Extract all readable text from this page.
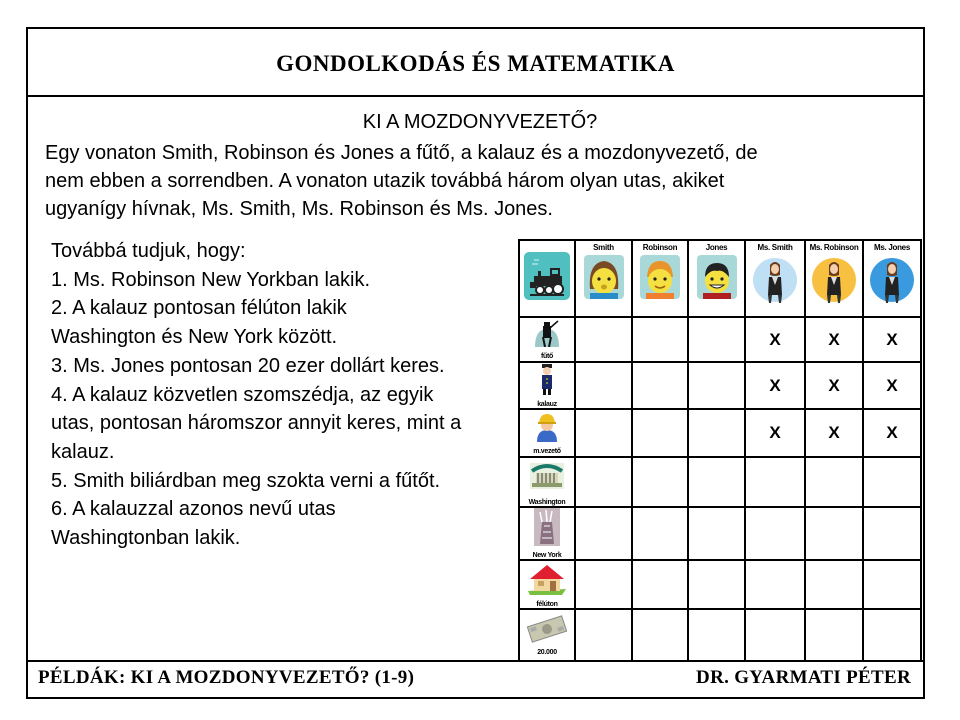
GONDOLKODÁS ÉS MATEMATIKA
PÉLDÁK: KI A MOZDONYVEZETŐ? (1-9)	DR. GYARMATI PÉTER
KI A MOZDONYVEZETŐ?
Egy vonaton Smith, Robinson és Jones a fűtő, a kalauz és a mozdonyvezető, de
nem ebben a sorrendben. A vonaton utazik továbbá három olyan utas, akiket
ugyanígy hívnak, Ms. Smith, Ms. Robinson és Ms. Jones.
Továbbá tudjuk, hogy:
1. Ms. Robinson New Yorkban lakik.
2. A kalauz pontosan félúton lakik Washington és New York között.
3. Ms. Jones pontosan 20 ezer dollárt keres.
4. A kalauz közvetlen szomszédja, az egyik utas, pontosan háromszor annyit keres, mint a kalauz.
5. Smith biliárdban meg szokta verni a fűtőt.
6. A kalauzzal azonos nevű utas Washingtonban lakik.

Smith	Robinson	Jones	Ms. Smith	Ms. Robinson	Ms. Jones

fűtő				X	X	X

kalauz				X	X	X

m.vezető				X	X	X

Washington						

New York						

félúton						

20.000						
